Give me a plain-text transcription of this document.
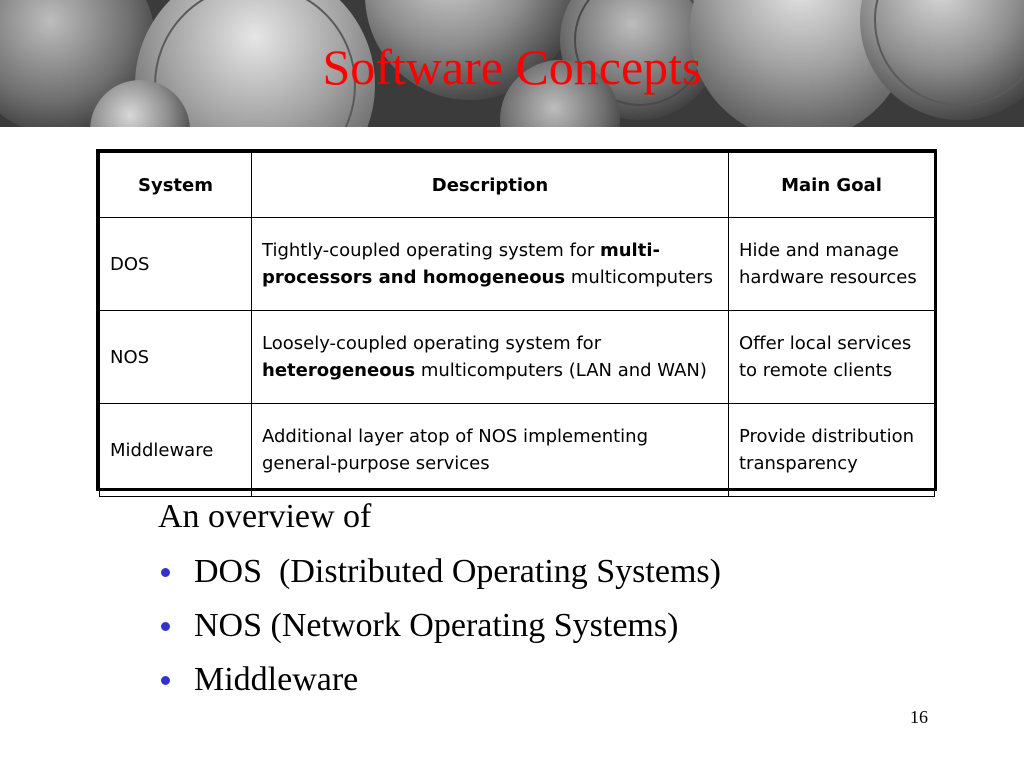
Software Concepts
System	Description	Main Goal
DOS	Tightly-coupled operating system for multi-processors and homogeneous multicomputers	Hide and manage hardware resources
NOS	Loosely-coupled operating system for heterogeneous multicomputers (LAN and WAN)	Offer local services to remote clients
Middleware	Additional layer atop of NOS implementing general-purpose services	Provide distribution transparency
An overview of
DOS  (Distributed Operating Systems)
NOS (Network Operating Systems)
Middleware
16
